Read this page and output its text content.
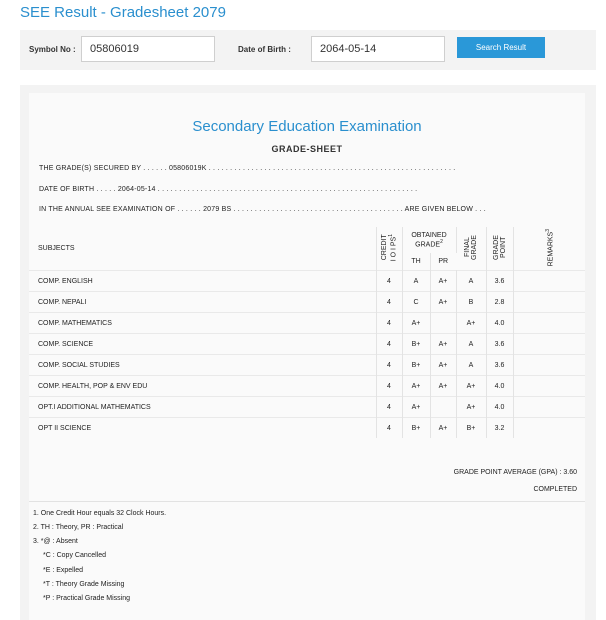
SEE Result - Gradesheet 2079
Symbol No :	05806019	Date of Birth :	2064-05-14	Search Result
Secondary Education Examination
GRADE-SHEET
THE GRADE(S) SECURED BY . . . . . . 05806019K . . . . . . . . . . . . . . . . . . . . . . . . . . . . . . . . . . . . . . . . . . . . . . . . . . . . . . . . . .
DATE OF BIRTH . . . . . 2064-05-14 . . . . . . . . . . . . . . . . . . . . . . . . . . . . . . . . . . . . . . . . . . . . . . . . . . . . . . . . . . . . .
IN THE ANNUAL SEE EXAMINATION OF . . . . . . 2079 BS . . . . . . . . . . . . . . . . . . . . . . . . . . . . . . . . . . . . . . . . ARE GIVEN BELOW . . .
SUBJECTS	CREDIT I O I $PS^1$	OBTAINED
GRADE$^2$		FINAL GRADE	GRADE POINT	REMARKS$^3$
		TH	PR			
COMP. ENGLISH	4	A	A+	A	3.6	
COMP. NEPALI	4	C	A+	B	2.8	
COMP. MATHEMATICS	4	A+		A+	4.0	
COMP. SCIENCE	4	B+	A+	A	3.6	
COMP. SOCIAL STUDIES	4	B+	A+	A	3.6	
COMP. HEALTH, POP & ENV EDU	4	A+	A+	A+	4.0	
OPT.I ADDITIONAL MATHEMATICS	4	A+		A+	4.0	
OPT II SCIENCE	4	B+	A+	B+	3.2	
GRADE POINT AVERAGE (GPA) : 3.60
COMPLETED
1. One Credit Hour equals 32 Clock Hours.
2. TH : Theory, PR : Practical
3. *@ : Absent
*C : Copy Cancelled
*E : Expelled
*T : Theory Grade Missing
*P : Practical Grade Missing
